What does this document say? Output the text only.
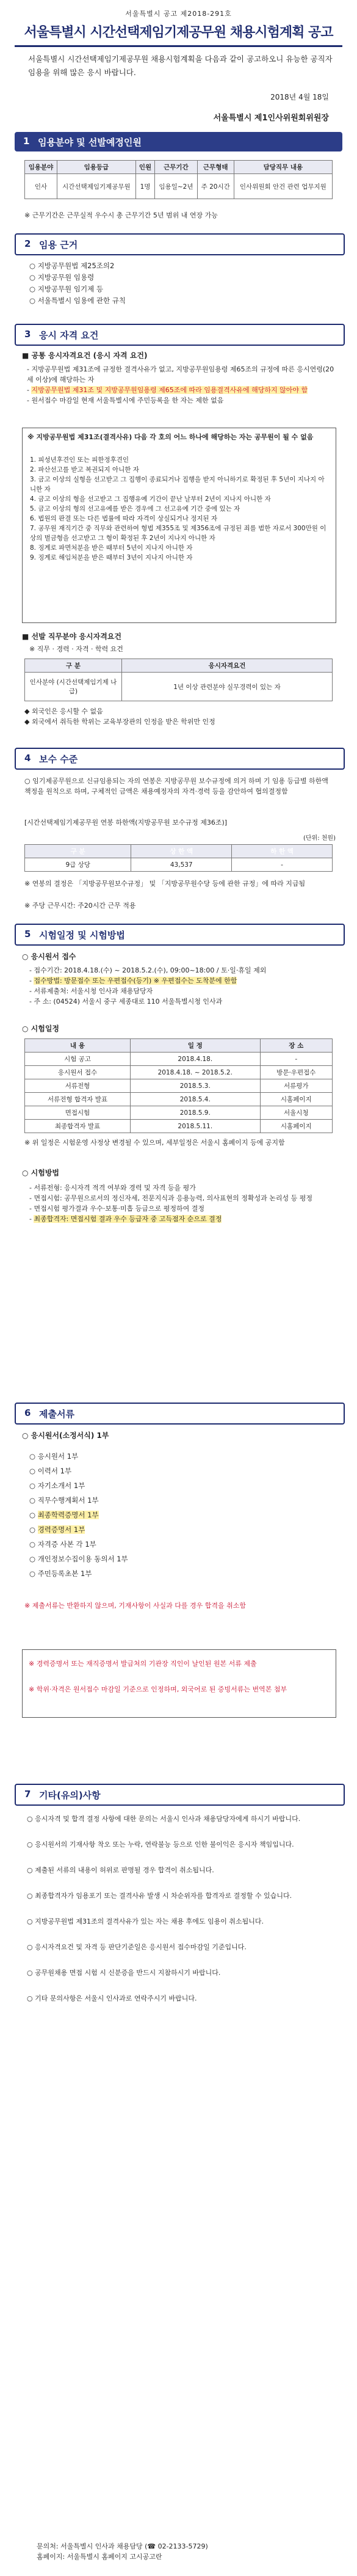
서울특별시 공고 제2018-291호
서울특별시 시간선택제임기제공무원 채용시험계획 공고
서울특별시 시간선택제임기제공무원 채용시험계획을 다음과 같이 공고하오니 유능한 공직자 임용을 위해 많은 응시 바랍니다.
2018년 4월 18일
서울특별시 제1인사위원회위원장
1 임용분야 및 선발예정인원
임용분야	임용등급	인원	근무기간	근무형태	담당직무 내용
인사	시간선택제임기제공무원	1명	임용일~2년	주 20시간	인사위원회 안건 관련 업무지원
※ 근무기간은 근무실적 우수시 총 근무기간 5년 범위 내 연장 가능
2 임용 근거
○ 지방공무원법 제25조의2
○ 지방공무원 임용령
○ 지방공무원 임기제 등
○ 서울특별시 임용에 관한 규칙
3 응시 자격 요건
■ 공통 응시자격요건 (응시 자격 요건)
- 지방공무원법 제31조에 규정한 결격사유가 없고, 지방공무원임용령 제65조의 규정에 따른 응시연령(20세 이상)에 해당하는 자
- 지방공무원법 제31조 및 지방공무원임용령 제65조에 따라 임용결격사유에 해당하지 않아야 함
- 원서접수 마감일 현재 서울특별시에 주민등록을 한 자는 제한 없음
※ 지방공무원법 제31조(결격사유) 다음 각 호의 어느 하나에 해당하는 자는 공무원이 될 수 없음
1. 피성년후견인 또는 피한정후견인
2. 파산선고를 받고 복권되지 아니한 자
3. 금고 이상의 실형을 선고받고 그 집행이 종료되거나 집행을 받지 아니하기로 확정된 후 5년이 지나지 아니한 자
4. 금고 이상의 형을 선고받고 그 집행유예 기간이 끝난 날부터 2년이 지나지 아니한 자
5. 금고 이상의 형의 선고유예를 받은 경우에 그 선고유예 기간 중에 있는 자
6. 법원의 판결 또는 다른 법률에 따라 자격이 상실되거나 정지된 자
7. 공무원 재직기간 중 직무와 관련하여 형법 제355조 및 제356조에 규정된 죄를 범한 자로서 300만원 이상의 벌금형을 선고받고 그 형이 확정된 후 2년이 지나지 아니한 자
8. 징계로 파면처분을 받은 때부터 5년이 지나지 아니한 자
9. 징계로 해임처분을 받은 때부터 3년이 지나지 아니한 자
■ 선발 직무분야 응시자격요건
※ 직무 · 경력 · 자격 · 학력 요건
구 분	응시자격요건
인사분야 (시간선택제임기제 나급)	1년 이상 관련분야 실무경력이 있는 자
◆ 외국인은 응시할 수 없음
◆ 외국에서 취득한 학위는 교육부장관의 인정을 받은 학위만 인정
4 보수 수준
○ 임기제공무원으로 신규임용되는 자의 연봉은 지방공무원 보수규정에 의거 하며 기 임용 등급별 하한액 책정을 원칙으로 하며, 구체적인 금액은 채용예정자의 자격·경력 등을 감안하여 협의결정함
[시간선택제임기제공무원 연봉 하한액(지방공무원 보수규정 제36조)]
(단위: 천원)
구 분	상 한 액	하 한 액
9급 상당	43,537	-
※ 연봉의 결정은 「지방공무원보수규정」 및 「지방공무원수당 등에 관한 규정」에 따라 지급됨
※ 주당 근무시간: 주20시간 근무 적용
5 시험일정 및 시험방법
○ 응시원서 접수
- 접수기간: 2018.4.18.(수) ~ 2018.5.2.(수), 09:00~18:00 / 토·일·휴일 제외
- 접수방법: 방문접수 또는 우편접수(등기) ※ 우편접수는 도착분에 한함
- 서류제출처: 서울시청 인사과 채용담당자
- 주 소: (04524) 서울시 중구 세종대로 110 서울특별시청 인사과
○ 시험일정
내 용	일 정	장 소
시험 공고	2018.4.18.	-
응시원서 접수	2018.4.18. ~ 2018.5.2.	방문·우편접수
서류전형	2018.5.3.	서류평가
서류전형 합격자 발표	2018.5.4.	시홈페이지
면접시험	2018.5.9.	서울시청
최종합격자 발표	2018.5.11.	시홈페이지
※ 위 일정은 시험운영 사정상 변경될 수 있으며, 세부일정은 서울시 홈페이지 등에 공지함
○ 시험방법
- 서류전형: 응시자격 적격 여부와 경력 및 자격 등을 평가
- 면접시험: 공무원으로서의 정신자세, 전문지식과 응용능력, 의사표현의 정확성과 논리성 등 평정
- 면접시험 평가결과 우수·보통·미흡 등급으로 평정하여 결정
- 최종합격자: 면접시험 결과 우수 등급자 중 고득점자 순으로 결정
6 제출서류
○ 응시원서(소정서식) 1부
○ 응시원서 1부
○ 이력서 1부
○ 자기소개서 1부
○ 직무수행계획서 1부
○ 최종학력증명서 1부
○ 경력증명서 1부
○ 자격증 사본 각 1부
○ 개인정보수집이용 동의서 1부
○ 주민등록초본 1부
※ 제출서류는 반환하지 않으며, 기재사항이 사실과 다를 경우 합격을 취소함
※ 경력증명서 또는 재직증명서 발급처의 기관장 직인이 날인된 원본 서류 제출
※ 학위·자격은 원서접수 마감일 기준으로 인정하며, 외국어로 된 증빙서류는 번역본 첨부
7 기타(유의)사항
○ 응시자격 및 합격 결정 사항에 대한 문의는 서울시 인사과 채용담당자에게 하시기 바랍니다.
○ 응시원서의 기재사항 착오 또는 누락, 연락불능 등으로 인한 불이익은 응시자 책임입니다.
○ 제출된 서류의 내용이 허위로 판명될 경우 합격이 취소됩니다.
○ 최종합격자가 임용포기 또는 결격사유 발생 시 차순위자를 합격자로 결정할 수 있습니다.
○ 지방공무원법 제31조의 결격사유가 있는 자는 채용 후에도 임용이 취소됩니다.
○ 응시자격요건 및 자격 등 판단기준일은 응시원서 접수마감일 기준입니다.
○ 공무원채용 면접 시험 시 신분증을 반드시 지참하시기 바랍니다.
○ 기타 문의사항은 서울시 인사과로 연락주시기 바랍니다.
문의처: 서울특별시 인사과 채용담당 (☎ 02-2133-5729)
홈페이지: 서울특별시 홈페이지 고시공고란
